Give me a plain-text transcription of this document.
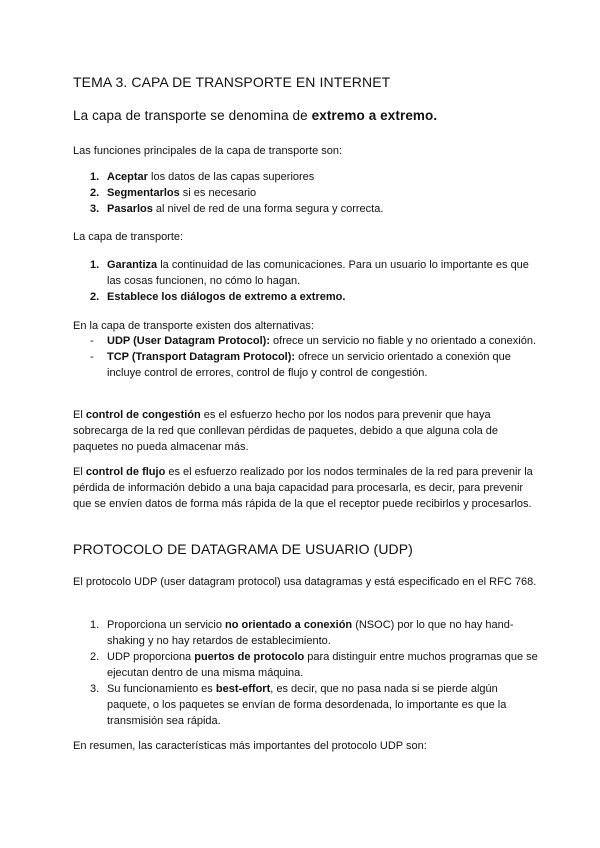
TEMA 3. CAPA DE TRANSPORTE EN INTERNET
La capa de transporte se denomina de extremo a extremo.

Las funciones principales de la capa de transporte son:

Aceptar los datos de las capas superiores
Segmentarlos si es necesario
Pasarlos al nivel de red de una forma segura y correcta.

La capa de transporte:

Garantiza la continuidad de las comunicaciones. Para un usuario lo importante es que las cosas funcionen, no cómo lo hagan.
Establece los diálogos de extremo a extremo.

En la capa de transporte existen dos alternativas:

- UDP (User Datagram Protocol): ofrece un servicio no fiable y no orientado a conexión.
- TCP (Transport Datagram Protocol): ofrece un servicio orientado a conexión que incluye control de errores, control de flujo y control de congestión.

El control de congestión es el esfuerzo hecho por los nodos para prevenir que haya sobrecarga de la red que conllevan pérdidas de paquetes, debido a que alguna cola de paquetes no pueda almacenar más.

El control de flujo es el esfuerzo realizado por los nodos terminales de la red para prevenir la pérdida de información debido a una baja capacidad para procesarla, es decir, para prevenir que se envíen datos de forma más rápida de la que el receptor puede recibirlos y procesarlos.

PROTOCOLO DE DATAGRAMA DE USUARIO (UDP)

El protocolo UDP (user datagram protocol) usa datagramas y está especificado en el RFC 768.

Proporciona un servicio no orientado a conexión (NSOC) por lo que no hay hand-shaking y no hay retardos de establecimiento.
UDP proporciona puertos de protocolo para distinguir entre muchos programas que se ejecutan dentro de una misma máquina.
Su funcionamiento es best-effort, es decir, que no pasa nada si se pierde algún paquete, o los paquetes se envían de forma desordenada, lo importante es que la transmisión sea rápida.

En resumen, las características más importantes del protocolo UDP son:
